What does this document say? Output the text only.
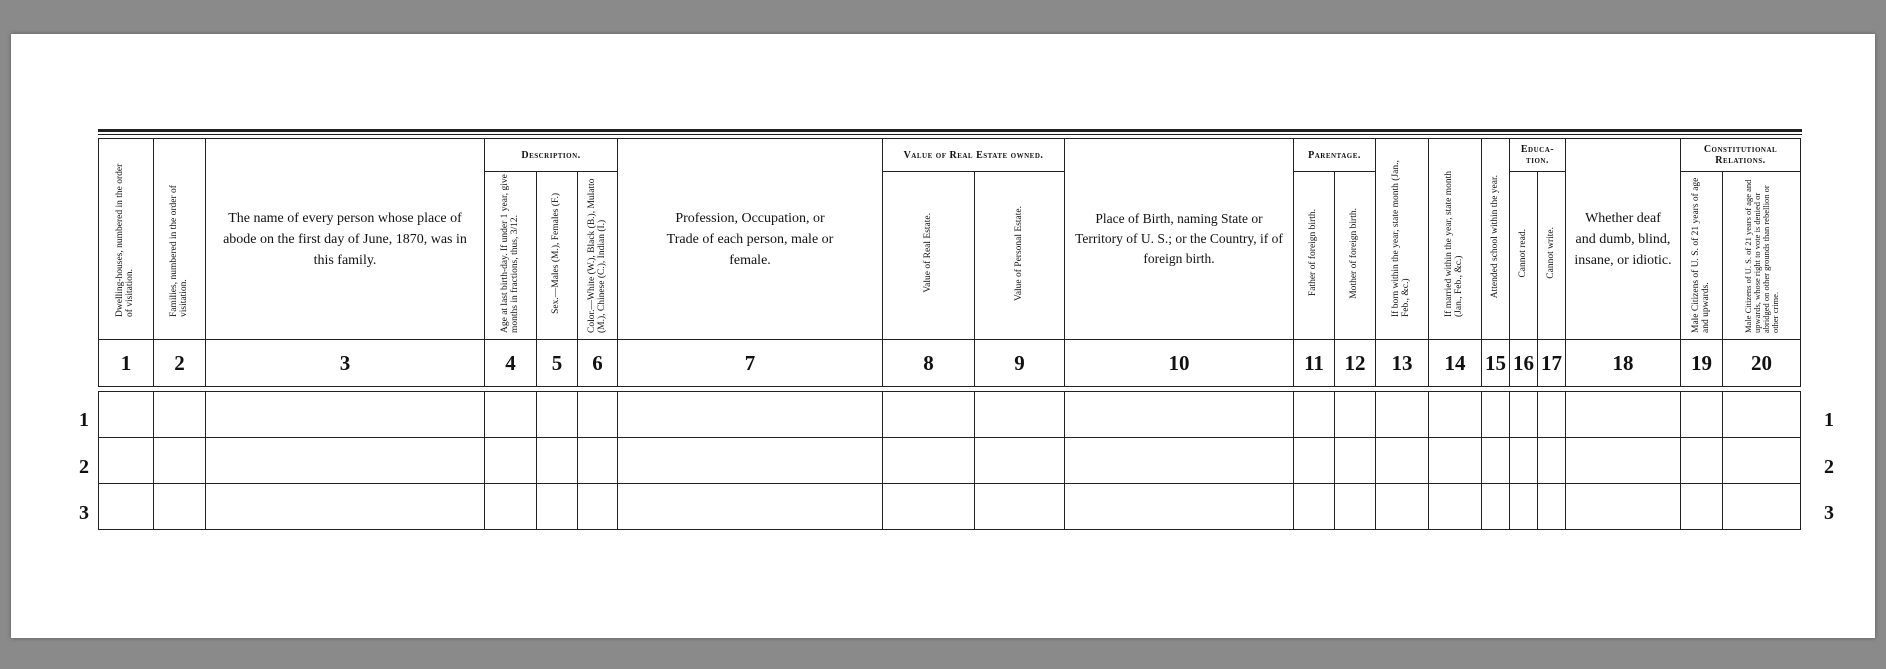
Dwelling-houses, numbered in the order of visitation.	Families, numbered in the order of visitation.	The name of every person whose place of abode on the first day of June, 1870, was in this family.	Description.			Profession, Occupation, or Trade of each person, male or female.	Value of Real Estate owned.		Place of Birth, naming State or Territory of U. S.; or the Country, if of foreign birth.	Parentage.		If born within the year, state month (Jan., Feb., &c.)	If married within the year, state month (Jan., Feb., &c.)	Attended school within the year.	Educa-tion.		Whether deaf and dumb, blind, insane, or idiotic.	Constitutional Relations.	
			Age at last birth-day. If under 1 year, give months in fractions, thus, 3/12.	Sex.—Males (M.), Females (F.)	Color.—White (W.), Black (B.), Mulatto (M.), Chinese (C.), Indian (I.)		Value of Real Estate.	Value of Personal Estate.		Father of foreign birth.	Mother of foreign birth.				Cannot read.	Cannot write.		Male Citizens of U. S. of 21 years of age and upwards.	Male Citizens of U. S. of 21 years of age and upwards, whose right to vote is denied or abridged on other grounds than rebellion or other crime.
1	2	3	4	5	6	7	8	9	10	11	12	13	14	15	16	17	18	19	20

1
2
3
1
2
3
